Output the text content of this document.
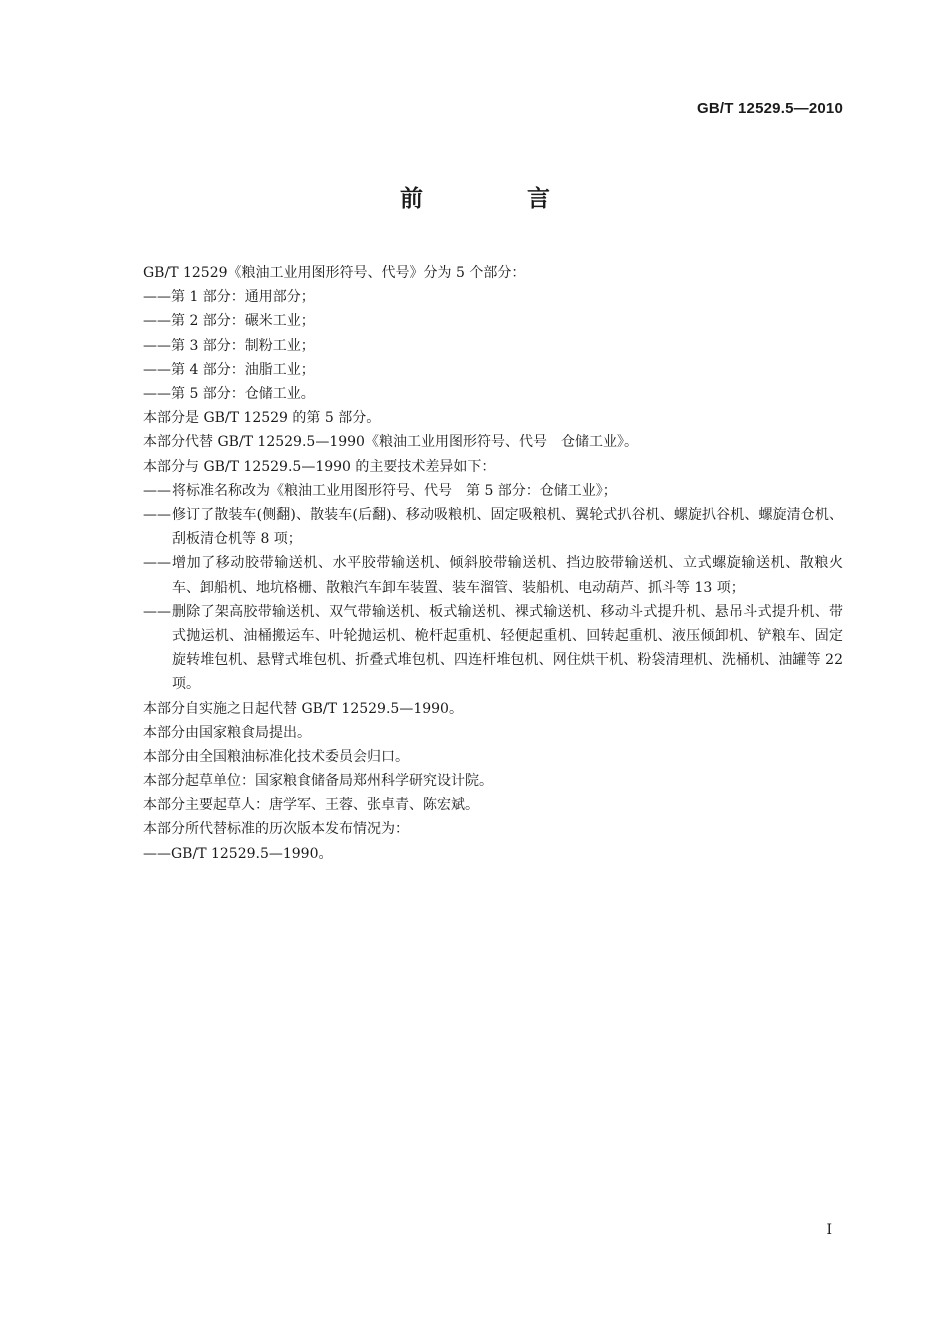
GB/T 12529.5—2010
前 言
GB/T 12529《粮油工业用图形符号、代号》分为 5 个部分：
——第 1 部分：通用部分；
——第 2 部分：碾米工业；
——第 3 部分：制粉工业；
——第 4 部分：油脂工业；
——第 5 部分：仓储工业。
本部分是 GB/T 12529 的第 5 部分。
本部分代替 GB/T 12529.5—1990《粮油工业用图形符号、代号　仓储工业》。
本部分与 GB/T 12529.5—1990 的主要技术差异如下：
—— 将标准名称改为《粮油工业用图形符号、代号　第 5 部分：仓储工业》；
—— 修订了散装车(侧翻)、散装车(后翻)、移动吸粮机、固定吸粮机、翼轮式扒谷机、螺旋扒谷机、螺旋清仓机、刮板清仓机等 8 项；
—— 增加了移动胶带输送机、水平胶带输送机、倾斜胶带输送机、挡边胶带输送机、立式螺旋输送机、散粮火车、卸船机、地坑格栅、散粮汽车卸车装置、装车溜管、装船机、电动葫芦、抓斗等 13 项；
—— 删除了架高胶带输送机、双气带输送机、板式输送机、裸式输送机、移动斗式提升机、悬吊斗式提升机、带式抛运机、油桶搬运车、叶轮抛运机、桅杆起重机、轻便起重机、回转起重机、液压倾卸机、铲粮车、固定旋转堆包机、悬臂式堆包机、折叠式堆包机、四连杆堆包机、网住烘干机、粉袋清理机、洗桶机、油罐等 22 项。
本部分自实施之日起代替 GB/T 12529.5—1990。
本部分由国家粮食局提出。
本部分由全国粮油标准化技术委员会归口。
本部分起草单位：国家粮食储备局郑州科学研究设计院。
本部分主要起草人：唐学军、王蓉、张卓青、陈宏斌。
本部分所代替标准的历次版本发布情况为：
——GB/T 12529.5—1990。
I
